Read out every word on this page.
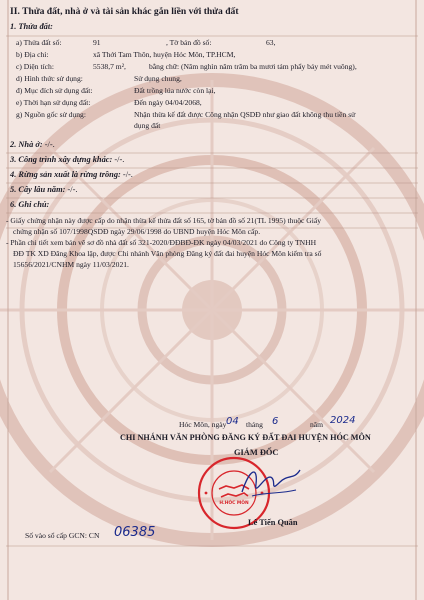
II. Thửa đất, nhà ở và tài sản khác gắn liền với thửa đất
1. Thửa đất:
a) Thửa đất số:	91	, Tờ bản đồ số:	63,
b) Địa chỉ:	xã Thới Tam Thôn, huyện Hóc Môn, TP.HCM,
c) Diện tích:	5538,7 m²,	bằng chữ: (Năm nghìn năm trăm ba mươi tám phẩy bảy mét vuông),
d) Hình thức sử dụng:	Sử dụng chung,
đ) Mục đích sử dụng đất:	Đất trồng lúa nước còn lại,
e) Thời hạn sử dụng đất:	Đến ngày 04/04/2068,
g) Nguồn gốc sử dụng:	Nhận thừa kế đất được Công nhận QSDĐ như giao đất không thu tiền sử
dụng đất
2. Nhà ở: -/-.
3. Công trình xây dựng khác: -/-.
4. Rừng sản xuất là rừng trồng: -/-.
5. Cây lâu năm: -/-.
6. Ghi chú:
- Giấy chứng nhận này được cấp do nhận thừa kế thửa đất số 165, tờ bản đồ số 21(TL 1995) thuộc Giấy
chứng nhận số 107/1998QSDĐ ngày 29/06/1998 do UBND huyện Hóc Môn cấp.
- Phần chi tiết xem bản vẽ sơ đồ nhà đất số 321-2020/ĐĐBĐ-ĐK ngày 04/03/2021 do Công ty TNHH
ĐĐ TK XD Đăng Khoa lập, được Chi nhánh Văn phòng Đăng ký đất đai huyện Hóc Môn kiểm tra số
15656/2021/CNHM ngày 11/03/2021.
Hóc Môn, ngày 04 tháng 6	năm 2024
CHI NHÁNH VĂN PHÒNG ĐĂNG KÝ ĐẤT ĐAI HUYỆN HÓC MÔN
GIÁM ĐỐC
H.HÓC MÔN
Lê Tiến Quân
Số vào sổ cấp GCN: CN 06385
